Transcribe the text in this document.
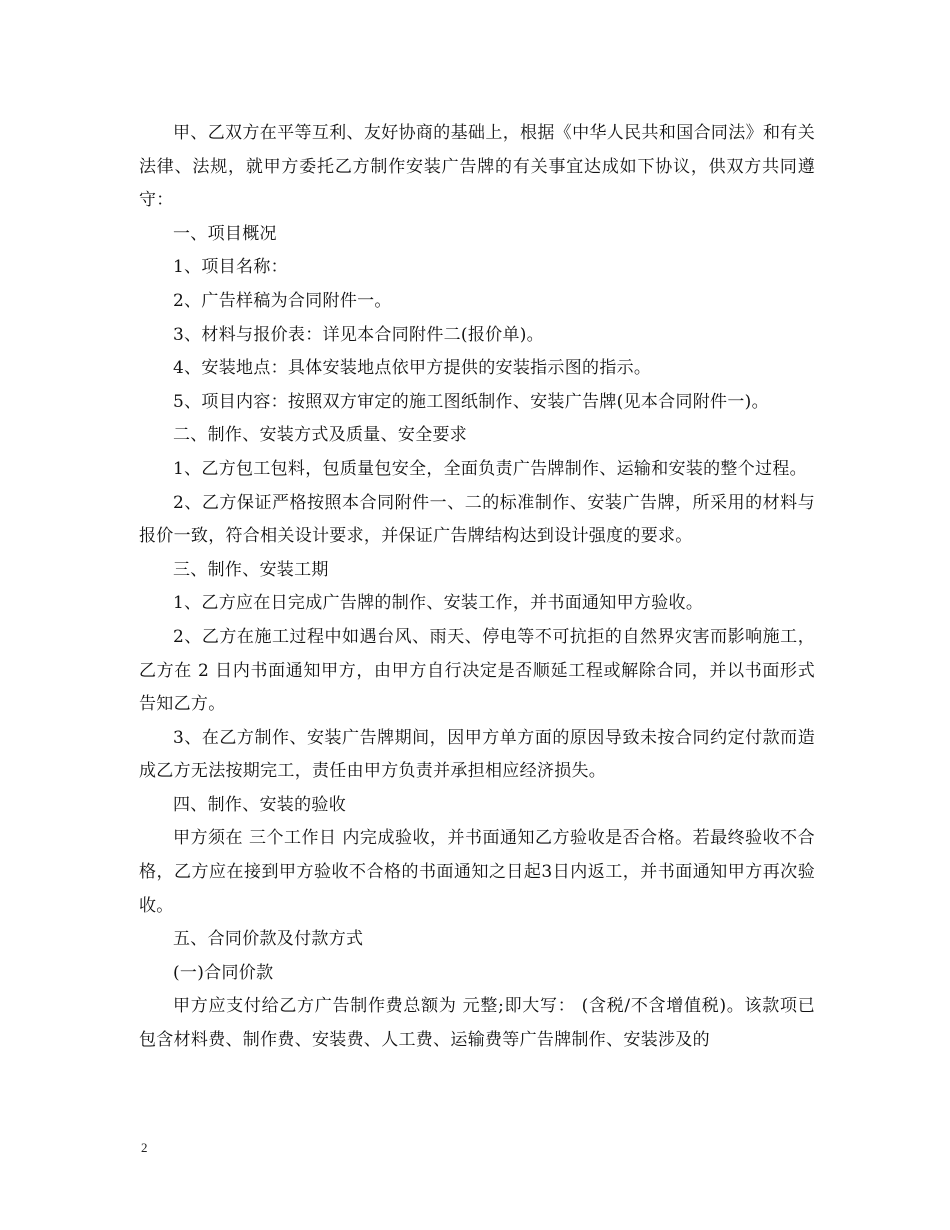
甲、乙双方在平等互利、友好协商的基础上，根据《中华人民共和国合同法》和有关法律、法规，就甲方委托乙方制作安装广告牌的有关事宜达成如下协议，供双方共同遵守：

一、项目概况

1、项目名称：

2、广告样稿为合同附件一。

3、材料与报价表：详见本合同附件二(报价单)。

4、安装地点：具体安装地点依甲方提供的安装指示图的指示。

5、项目内容：按照双方审定的施工图纸制作、安装广告牌(见本合同附件一)。

二、制作、安装方式及质量、安全要求

1、乙方包工包料，包质量包安全，全面负责广告牌制作、运输和安装的整个过程。

2、乙方保证严格按照本合同附件一、二的标准制作、安装广告牌，所采用的材料与报价一致，符合相关设计要求，并保证广告牌结构达到设计强度的要求。

三、制作、安装工期

1、乙方应在日完成广告牌的制作、安装工作，并书面通知甲方验收。

2、乙方在施工过程中如遇台风、雨天、停电等不可抗拒的自然界灾害而影响施工，乙方在 2 日内书面通知甲方，由甲方自行决定是否顺延工程或解除合同，并以书面形式告知乙方。

3、在乙方制作、安装广告牌期间，因甲方单方面的原因导致未按合同约定付款而造成乙方无法按期完工，责任由甲方负责并承担相应经济损失。

四、制作、安装的验收

甲方须在 三个工作日 内完成验收，并书面通知乙方验收是否合格。若最终验收不合格，乙方应在接到甲方验收不合格的书面通知之日起3日内返工，并书面通知甲方再次验收。

五、合同价款及付款方式

(一)合同价款

甲方应支付给乙方广告制作费总额为 元整;即大写： (含税/不含增值税)。该款项已包含材料费、制作费、安装费、人工费、运输费等广告牌制作、安装涉及的

2
